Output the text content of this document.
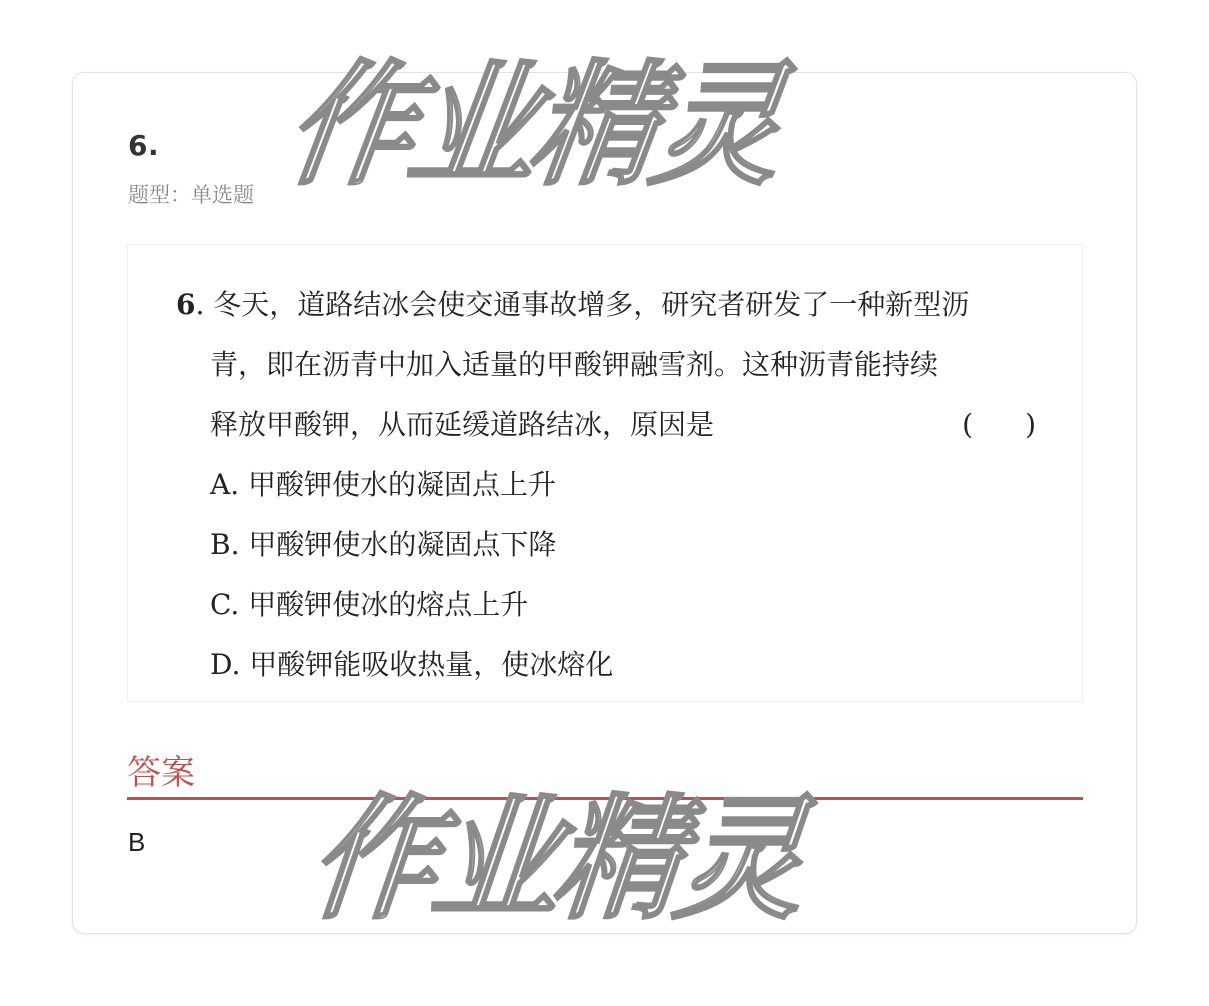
6.
题型：单选题
6. 冬天，道路结冰会使交通事故增多，研究者研发了一种新型沥
青，即在沥青中加入适量的甲酸钾融雪剂。这种沥青能持续
释放甲酸钾，从而延缓道路结冰，原因是	( )
A. 甲酸钾使水的凝固点上升
B. 甲酸钾使水的凝固点下降
C. 甲酸钾使冰的熔点上升
D. 甲酸钾能吸收热量，使冰熔化
答案
B
作业精灵
作业精灵
